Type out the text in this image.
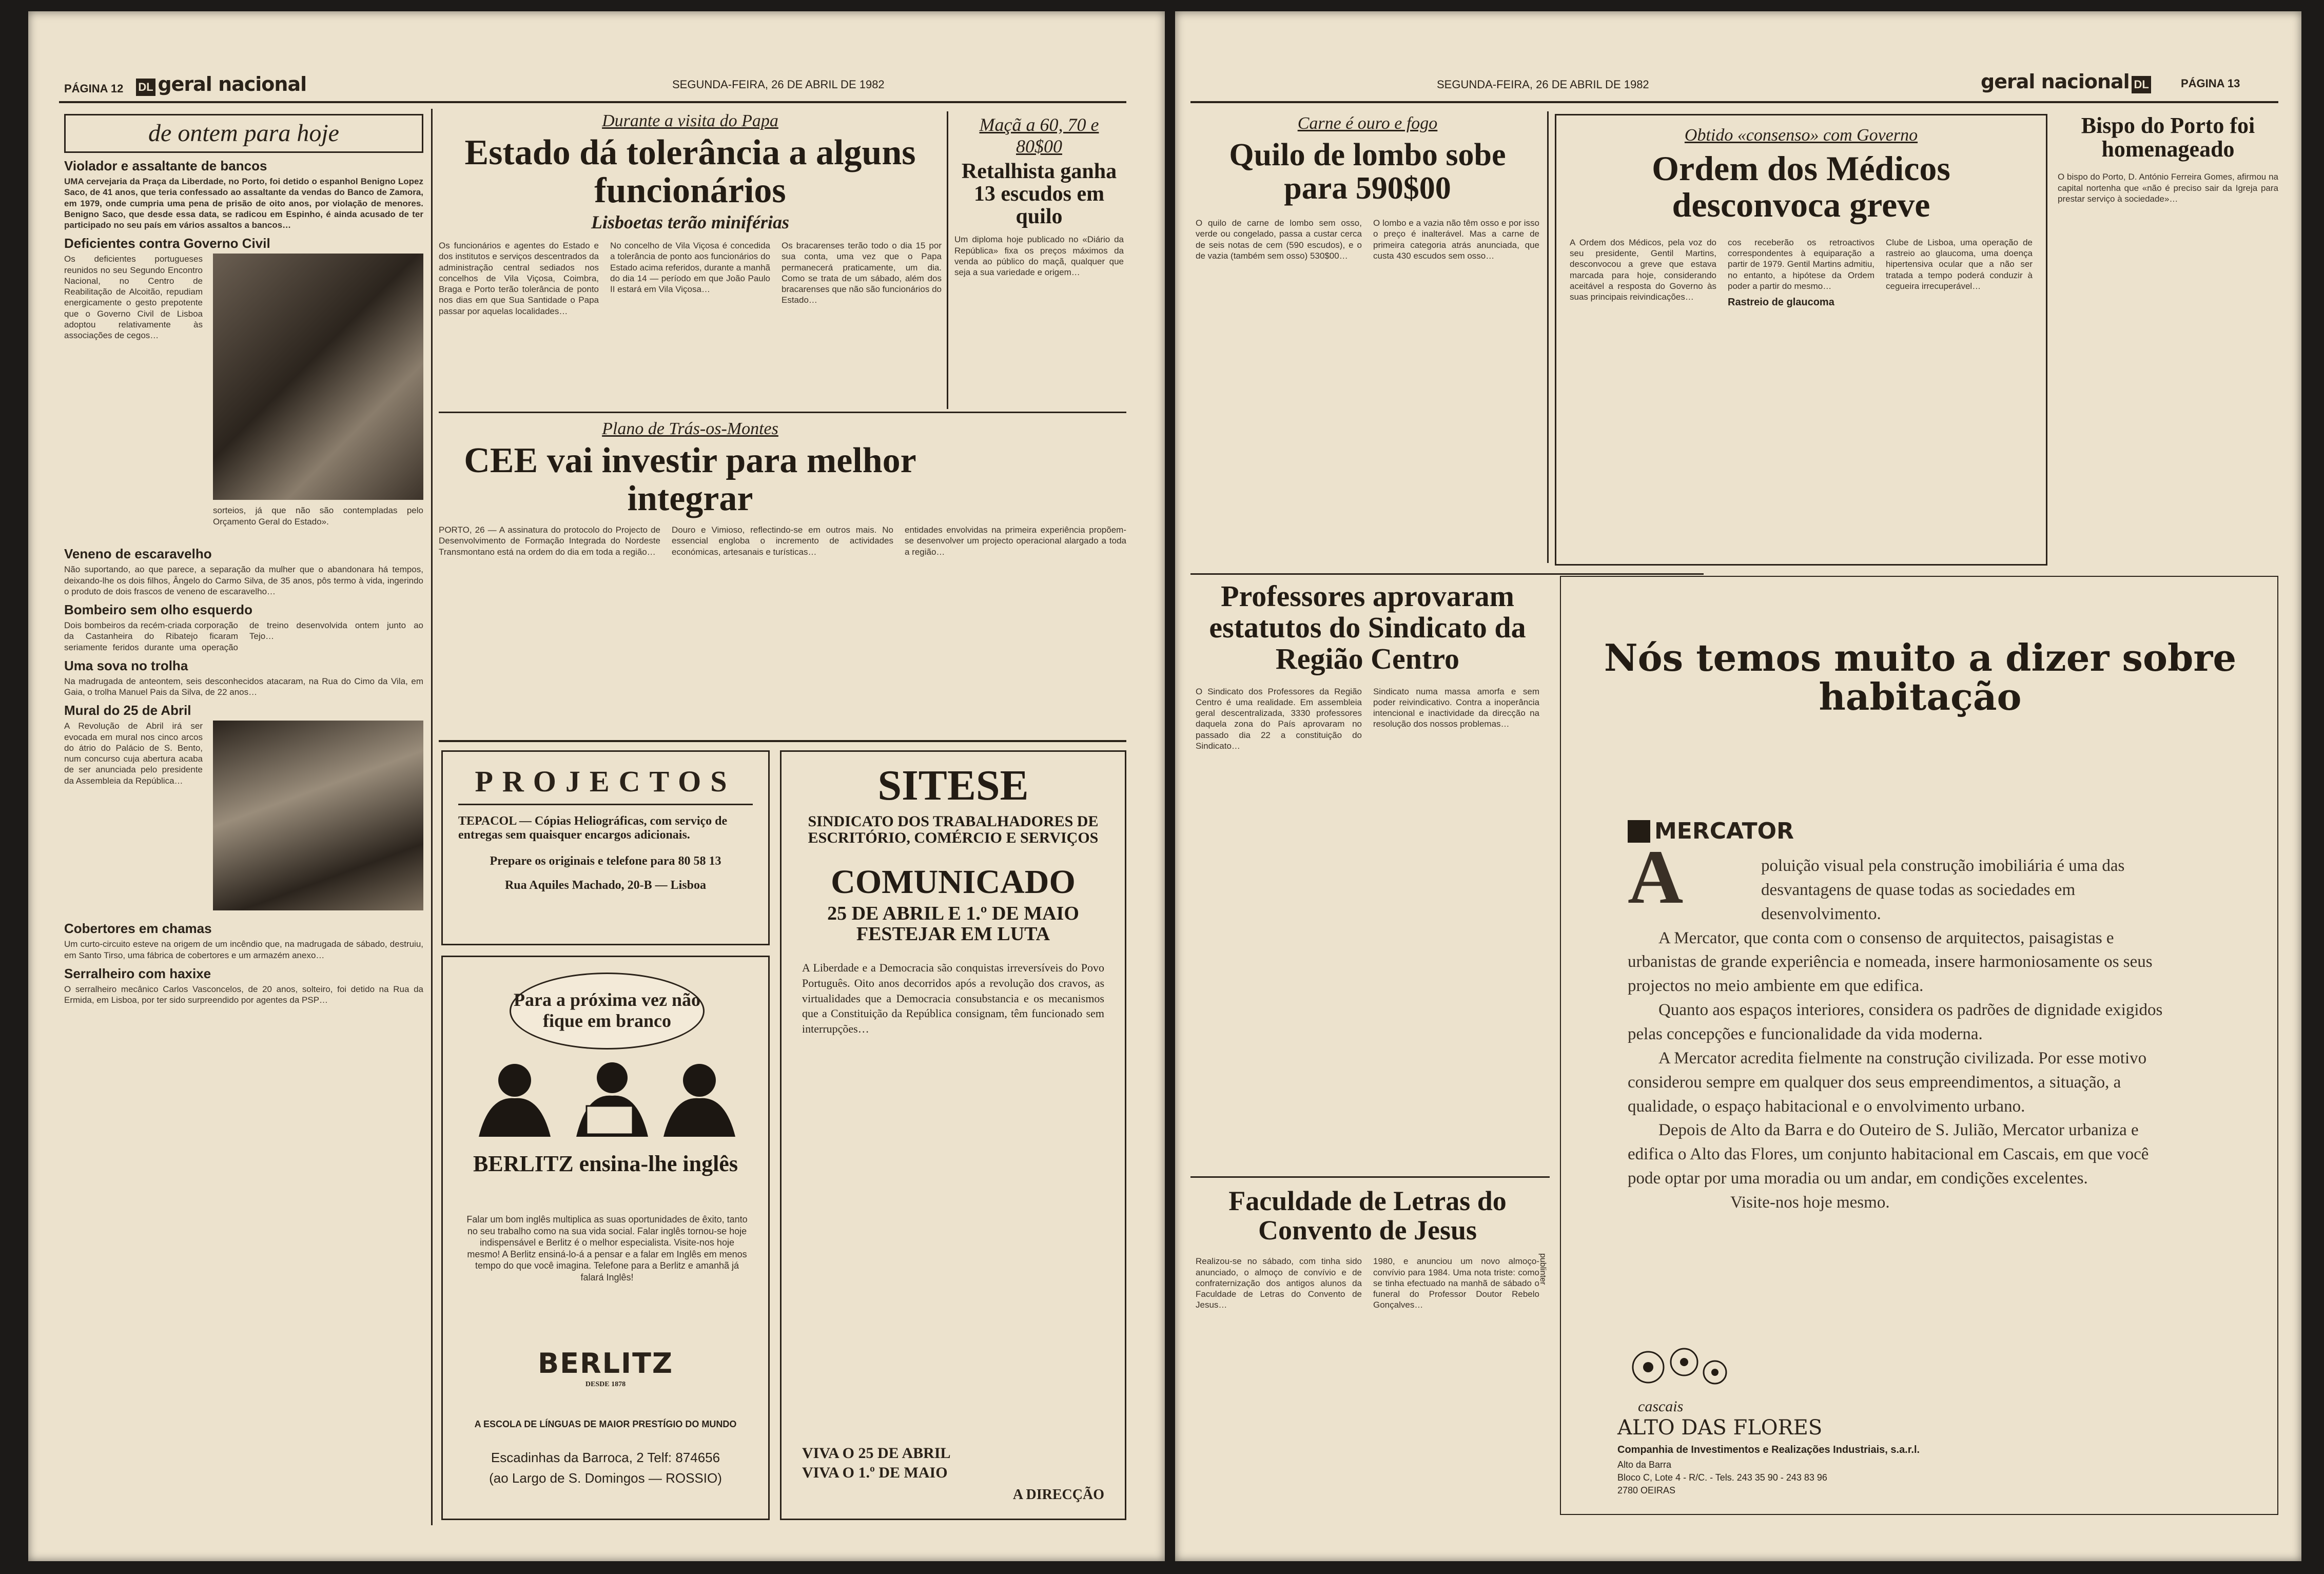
PÁGINA 12 DL geral nacional	SEGUNDA-FEIRA, 26 DE ABRIL DE 1982
de ontem para hoje
Violador e assaltante de bancos
UMA cervejaria da Praça da Liberdade, no Porto, foi detido o espanhol Benigno Lopez Saco, de 41 anos, que teria confessado ao assaltante da vendas do Banco de Zamora, em 1979, onde cumpria uma pena de prisão de oito anos, por violação de menores. Benigno Saco, que desde essa data, se radicou em Espinho, é ainda acusado de ter participado no seu país em vários assaltos a bancos…
Deficientes contra Governo Civil
Os deficientes portugueses reunidos no seu Segundo Encontro Nacional, no Centro de Reabilitação de Alcoitão, repudiam energicamente o gesto prepotente que o Governo Civil de Lisboa adoptou relativamente às associações de cegos…
sorteios, já que não são contempladas pelo Orçamento Geral do Estado».
Veneno de escaravelho
Não suportando, ao que parece, a separação da mulher que o abandonara há tempos, deixando-lhe os dois filhos, Ângelo do Carmo Silva, de 35 anos, pôs termo à vida, ingerindo o produto de dois frascos de veneno de escaravelho…
Bombeiro sem olho esquerdo
Dois bombeiros da recém-criada corporação da Castanheira do Ribatejo ficaram seriamente feridos durante uma operação de treino desenvolvida ontem junto ao Tejo…
Uma sova no trolha
Na madrugada de anteontem, seis desconhecidos atacaram, na Rua do Cimo da Vila, em Gaia, o trolha Manuel Pais da Silva, de 22 anos…
Mural do 25 de Abril
A Revolução de Abril irá ser evocada em mural nos cinco arcos do átrio do Palácio de S. Bento, num concurso cuja abertura acaba de ser anunciada pelo presidente da Assembleia da República…
Cobertores em chamas
Um curto-circuito esteve na origem de um incêndio que, na madrugada de sábado, destruiu, em Santo Tirso, uma fábrica de cobertores e um armazém anexo…
Serralheiro com haxixe
O serralheiro mecânico Carlos Vasconcelos, de 20 anos, solteiro, foi detido na Rua da Ermida, em Lisboa, por ter sido surpreendido por agentes da PSP…
Durante a visita do Papa
Estado dá tolerância a alguns funcionários
Lisboetas terão miniférias
Os funcionários e agentes do Estado e dos institutos e serviços descentrados da administração central sediados nos concelhos de Vila Viçosa, Coimbra, Braga e Porto terão tolerância de ponto nos dias em que Sua Santidade o Papa passar por aquelas localidades…
No concelho de Vila Viçosa é concedida a tolerância de ponto aos funcionários do Estado acima referidos, durante a manhã do dia 14 — período em que João Paulo II estará em Vila Viçosa…
Os bracarenses terão todo o dia 15 por sua conta, uma vez que o Papa permanecerá praticamente, um dia. Como se trata de um sábado, além dos bracarenses que não são funcionários do Estado…
Maçã a 60, 70 e 80$00
Retalhista ganha 13 escudos em quilo
Um diploma hoje publicado no «Diário da República» fixa os preços máximos da venda ao público do maçã, qualquer que seja a sua variedade e origem…
Plano de Trás-os-Montes
CEE vai investir para melhor integrar
PORTO, 26 — A assinatura do protocolo do Projecto de Desenvolvimento de Formação Integrada do Nordeste Transmontano está na ordem do dia em toda a região…
Douro e Vimioso, reflectindo-se em outros mais. No essencial engloba o incremento de actividades económicas, artesanais e turísticas…
entidades envolvidas na primeira experiência propõem-se desenvolver um projecto operacional alargado a toda a região…
PROJECTOS
TEPACOL — Cópias Heliográficas, com serviço de entregas sem quaisquer encargos adicionais.
Prepare os originais e telefone para 80 58 13
Rua Aquiles Machado, 20-B — Lisboa
Para a próxima vez não fique em branco
BERLITZ ensina-lhe inglês
Falar um bom inglês multiplica as suas oportunidades de êxito, tanto no seu trabalho como na sua vida social. Falar inglês tornou-se hoje indispensável e Berlitz é o melhor especialista. Visite-nos hoje mesmo! A Berlitz ensiná-lo-á a pensar e a falar em Inglês em menos tempo do que você imagina. Telefone para a Berlitz e amanhã já falará Inglês!
BERLITZ
DESDE 1878
A ESCOLA DE LÍNGUAS DE MAIOR PRESTÍGIO DO MUNDO
Escadinhas da Barroca, 2 Telf: 874656
(ao Largo de S. Domingos — ROSSIO)
SITESE
SINDICATO DOS TRABALHADORES DE ESCRITÓRIO, COMÉRCIO E SERVIÇOS
COMUNICADO
25 DE ABRIL E 1.º DE MAIO FESTEJAR EM LUTA
A Liberdade e a Democracia são conquistas irreversíveis do Povo Português. Oito anos decorridos após a revolução dos cravos, as virtualidades que a Democracia consubstancia e os mecanismos que a Constituição da República consignam, têm funcionado sem interrupções…
VIVA O 25 DE ABRIL
VIVA O 1.º DE MAIO
A DIRECÇÃO
SEGUNDA-FEIRA, 26 DE ABRIL DE 1982	geral nacional DL	PÁGINA 13
Carne é ouro e fogo
Quilo de lombo sobe para 590$00
O quilo de carne de lombo sem osso, verde ou congelado, passa a custar cerca de seis notas de cem (590 escudos), e o de vazia (também sem osso) 530$00…
O lombo e a vazia não têm osso e por isso o preço é inalterável. Mas a carne de primeira categoria atrás anunciada, que custa 430 escudos sem osso…
Obtido «consenso» com Governo
Ordem dos Médicos desconvoca greve
A Ordem dos Médicos, pela voz do seu presidente, Gentil Martins, desconvocou a greve que estava marcada para hoje, considerando aceitável a resposta do Governo às suas principais reivindicações…
cos receberão os retroactivos correspondentes à equiparação a partir de 1979. Gentil Martins admitiu, no entanto, a hipótese da Ordem poder a partir do mesmo…
Rastreio de glaucoma
Clube de Lisboa, uma operação de rastreio ao glaucoma, uma doença hipertensiva ocular que a não ser tratada a tempo poderá conduzir à cegueira irrecuperável…
Bispo do Porto foi homenageado
O bispo do Porto, D. António Ferreira Gomes, afirmou na capital nortenha que «não é preciso sair da Igreja para prestar serviço à sociedade»…
Professores aprovaram estatutos do Sindicato da Região Centro
O Sindicato dos Professores da Região Centro é uma realidade. Em assembleia geral descentralizada, 3330 professores daquela zona do País aprovaram no passado dia 22 a constituição do Sindicato…
Sindicato numa massa amorfa e sem poder reivindicativo. Contra a inoperância intencional e inactividade da direcção na resolução dos nossos problemas…
Faculdade de Letras do Convento de Jesus
Realizou-se no sábado, com tinha sido anunciado, o almoço de convívio e de confraternização dos antigos alunos da Faculdade de Letras do Convento de Jesus…
1980, e anunciou um novo almoço-convívio para 1984. Uma nota triste: como se tinha efectuado na manhã de sábado o funeral do Professor Doutor Rebelo Gonçalves…
publinter
Nós temos muito a dizer sobre habitação
MERCATOR
A	poluição visual pela construção imobiliária é uma das desvantagens de quase todas as sociedades em desenvolvimento.
A Mercator, que conta com o consenso de arquitectos, paisagistas e urbanistas de grande experiência e nomeada, insere harmoniosamente os seus projectos no meio ambiente em que edifica.
Quanto aos espaços interiores, considera os padrões de dignidade exigidos pelas concepções e funcionalidade da vida moderna.
A Mercator acredita fielmente na construção civilizada. Por esse motivo considerou sempre em qualquer dos seus empreendimentos, a situação, a qualidade, o espaço habitacional e o envolvimento urbano.
Depois de Alto da Barra e do Outeiro de S. Julião, Mercator urbaniza e edifica o Alto das Flores, um conjunto habitacional em Cascais, em que você pode optar por uma moradia ou um andar, em condições excelentes.
Visite-nos hoje mesmo.
cascais
ALTO DAS FLORES
Companhia de Investimentos e Realizações Industriais, s.a.r.l.
Alto da Barra
Bloco C, Lote 4 - R/C. - Tels. 243 35 90 - 243 83 96
2780 OEIRAS
